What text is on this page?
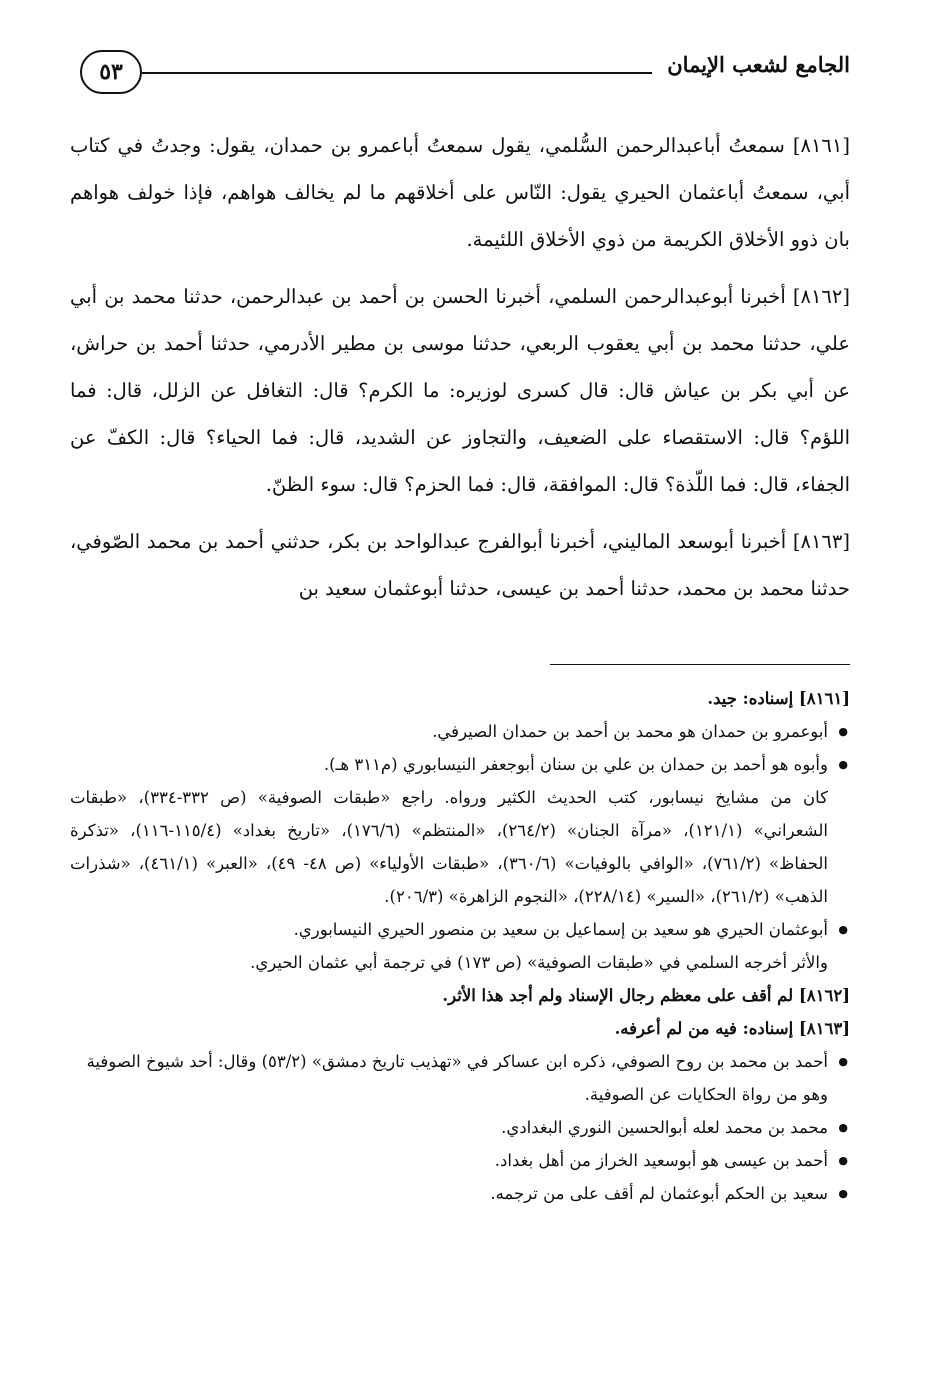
الجامع لشعب الإيمان
٥٣

[٨١٦١] سمعتُ أباعبدالرحمن السُّلمي، يقول سمعتُ أباعمرو بن حمدان، يقول: وجدتُ في كتاب أبي، سمعتُ أباعثمان الحيري يقول: النّاس على أخلاقهم ما لم يخالف هواهم، فإذا خولف هواهم بان ذوو الأخلاق الكريمة من ذوي الأخلاق اللئيمة.

[٨١٦٢] أخبرنا أبوعبدالرحمن السلمي، أخبرنا الحسن بن أحمد بن عبدالرحمن، حدثنا محمد بن أبي علي، حدثنا محمد بن أبي يعقوب الربعي، حدثنا موسى بن مطير الأدرمي، حدثنا أحمد بن حراش، عن أبي بكر بن عياش قال: قال كسرى لوزيره: ما الكرم؟ قال: التغافل عن الزلل، قال: فما اللؤم؟ قال: الاستقصاء على الضعيف، والتجاوز عن الشديد، قال: فما الحياء؟ قال: الكفّ عن الجفاء، قال: فما اللّذة؟ قال: الموافقة، قال: فما الحزم؟ قال: سوء الظنّ.

[٨١٦٣] أخبرنا أبوسعد الماليني، أخبرنا أبوالفرج عبدالواحد بن بكر، حدثني أحمد بن محمد الصّوفي، حدثنا محمد بن محمد، حدثنا أحمد بن عيسى، حدثنا أبوعثمان سعيد بن

[٨١٦١] إسناده: جيد.

● أبوعمرو بن حمدان هو محمد بن أحمد بن حمدان الصيرفي.
● وأبوه هو أحمد بن حمدان بن علي بن سنان أبوجعفر النيسابوري (م٣١١ هـ).

كان من مشايخ نيسابور، كتب الحديث الكثير ورواه. راجع «طبقات الصوفية» (ص ٣٣٢-٣٣٤)، «طبقات الشعراني» (١٢١/١)، «مرآة الجنان» (٢٦٤/٢)، «المنتظم» (١٧٦/٦)، «تاريخ بغداد» (١١٥/٤-١١٦)، «تذكرة الحفاظ» (٧٦١/٢)، «الوافي بالوفيات» (٣٦٠/٦)، «طبقات الأولياء» (ص ٤٨- ٤٩)، «العبر» (٤٦١/١)، «شذرات الذهب» (٢٦١/٢)، «السير» (٢٢٨/١٤)، «النجوم الزاهرة» (٢٠٦/٣).

● أبوعثمان الحيري هو سعيد بن إسماعيل بن سعيد بن منصور الحيري النيسابوري.

والأثر أخرجه السلمي في «طبقات الصوفية» (ص ١٧٣) في ترجمة أبي عثمان الحيري.

[٨١٦٢] لم أقف على معظم رجال الإسناد ولم أجد هذا الأثر.

[٨١٦٣] إسناده: فيه من لم أعرفه.

● أحمد بن محمد بن روح الصوفي، ذكره ابن عساكر في «تهذيب تاريخ دمشق» (٥٣/٢) وقال: أحد شيوخ الصوفية وهو من رواة الحكايات عن الصوفية.
● محمد بن محمد لعله أبوالحسين النوري البغدادي.
● أحمد بن عيسى هو أبوسعيد الخراز من أهل بغداد.
● سعيد بن الحكم أبوعثمان لم أقف على من ترجمه.
